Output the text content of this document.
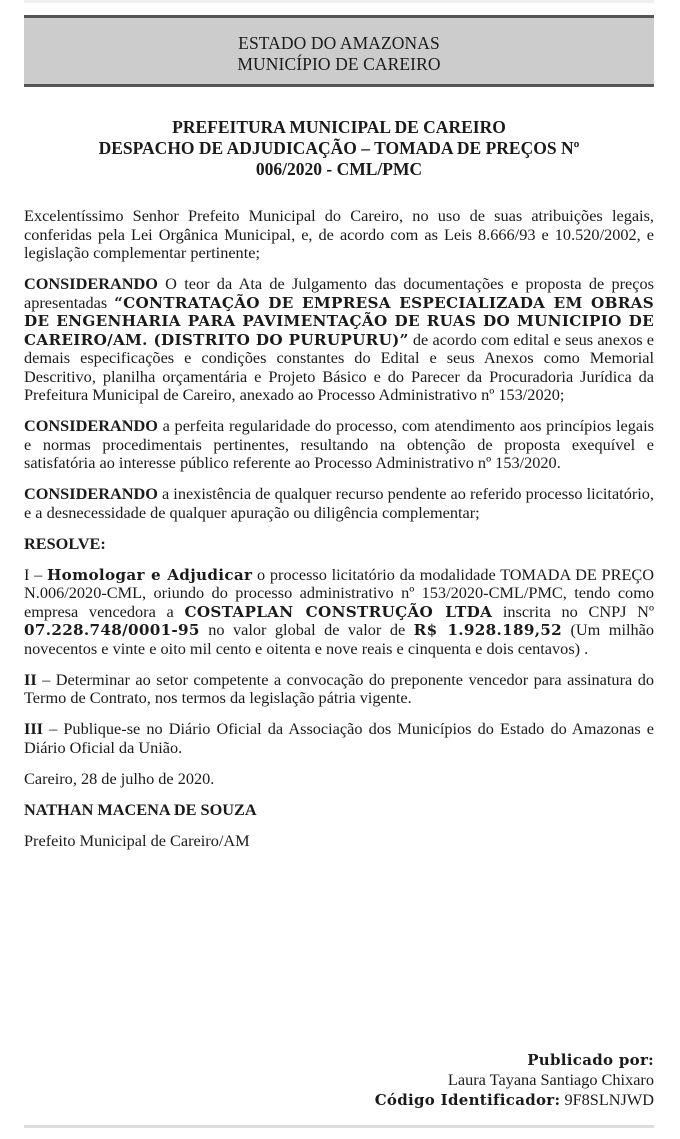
ESTADO DO AMAZONAS
MUNICÍPIO DE CAREIRO
PREFEITURA MUNICIPAL DE CAREIRO
DESPACHO DE ADJUDICAÇÃO – TOMADA DE PREÇOS Nº
006/2020 - CML/PMC

Excelentíssimo Senhor Prefeito Municipal do Careiro, no uso de suas atribuições legais, conferidas pela Lei Orgânica Municipal, e, de acordo com as Leis 8.666/93 e 10.520/2002, e legislação complementar pertinente;

CONSIDERANDO O teor da Ata de Julgamento das documentações e proposta de preços apresentadas “CONTRATAÇÃO DE EMPRESA ESPECIALIZADA EM OBRAS DE ENGENHARIA PARA PAVIMENTAÇÃO DE RUAS DO MUNICIPIO DE CAREIRO/AM. (DISTRITO DO PURUPURU)” de acordo com edital e seus anexos e demais especificações e condições constantes do Edital e seus Anexos como Memorial Descritivo, planilha orçamentária e Projeto Básico e do Parecer da Procuradoria Jurídica da Prefeitura Municipal de Careiro, anexado ao Processo Administrativo nº 153/2020;

CONSIDERANDO a perfeita regularidade do processo, com atendimento aos princípios legais e normas procedimentais pertinentes, resultando na obtenção de proposta exequível e satisfatória ao interesse público referente ao Processo Administrativo nº 153/2020.

CONSIDERANDO a inexistência de qualquer recurso pendente ao referido processo licitatório, e a desnecessidade de qualquer apuração ou diligência complementar;

RESOLVE:

I – Homologar e Adjudicar o processo licitatório da modalidade TOMADA DE PREÇO N.006/2020-CML, oriundo do processo administrativo nº 153/2020-CML/PMC, tendo como empresa vencedora a COSTAPLAN CONSTRUÇÃO LTDA inscrita no CNPJ Nº 07.228.748/0001-95 no valor global de valor de R$ 1.928.189,52 (Um milhão novecentos e vinte e oito mil cento e oitenta e nove reais e cinquenta e dois centavos) .

II – Determinar ao setor competente a convocação do preponente vencedor para assinatura do Termo de Contrato, nos termos da legislação pátria vigente.

III – Publique-se no Diário Oficial da Associação dos Municípios do Estado do Amazonas e Diário Oficial da União.

Careiro, 28 de julho de 2020.

NATHAN MACENA DE SOUZA

Prefeito Municipal de Careiro/AM

Publicado por:
Laura Tayana Santiago Chixaro
Código Identificador: 9F8SLNJWD
